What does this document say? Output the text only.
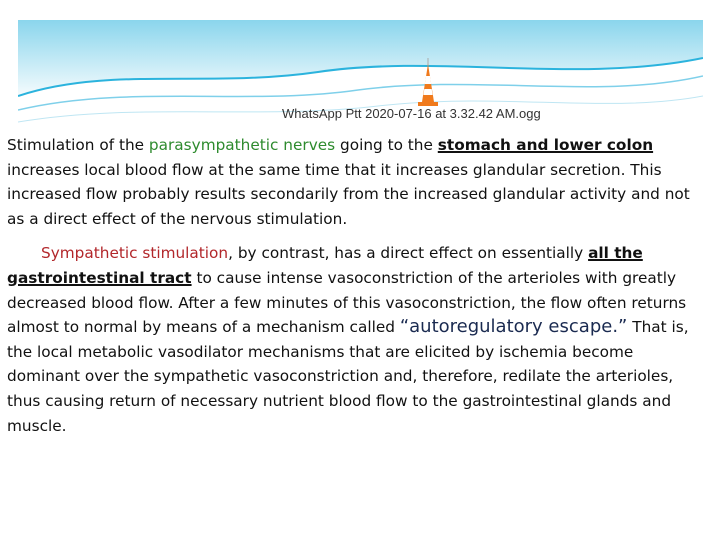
WhatsApp Ptt 2020-07-16 at 3.32.42 AM.ogg

Stimulation of the parasympathetic nerves going to the stomach and lower colon increases local blood flow at the same time that it increases glandular secretion. This increased flow probably results secondarily from the increased glandular activity and not as a direct effect of the nervous stimulation.

Sympathetic stimulation, by contrast, has a direct effect on essentially all the gastrointestinal tract to cause intense vasoconstriction of the arterioles with greatly decreased blood flow. After a few minutes of this vasoconstriction, the flow often returns almost to normal by means of a mechanism called “autoregulatory escape.” That is, the local metabolic vasodilator mechanisms that are elicited by ischemia become dominant over the sympathetic vasoconstriction and, therefore, redilate the arterioles, thus causing return of necessary nutrient blood flow to the gastrointestinal glands and muscle.
